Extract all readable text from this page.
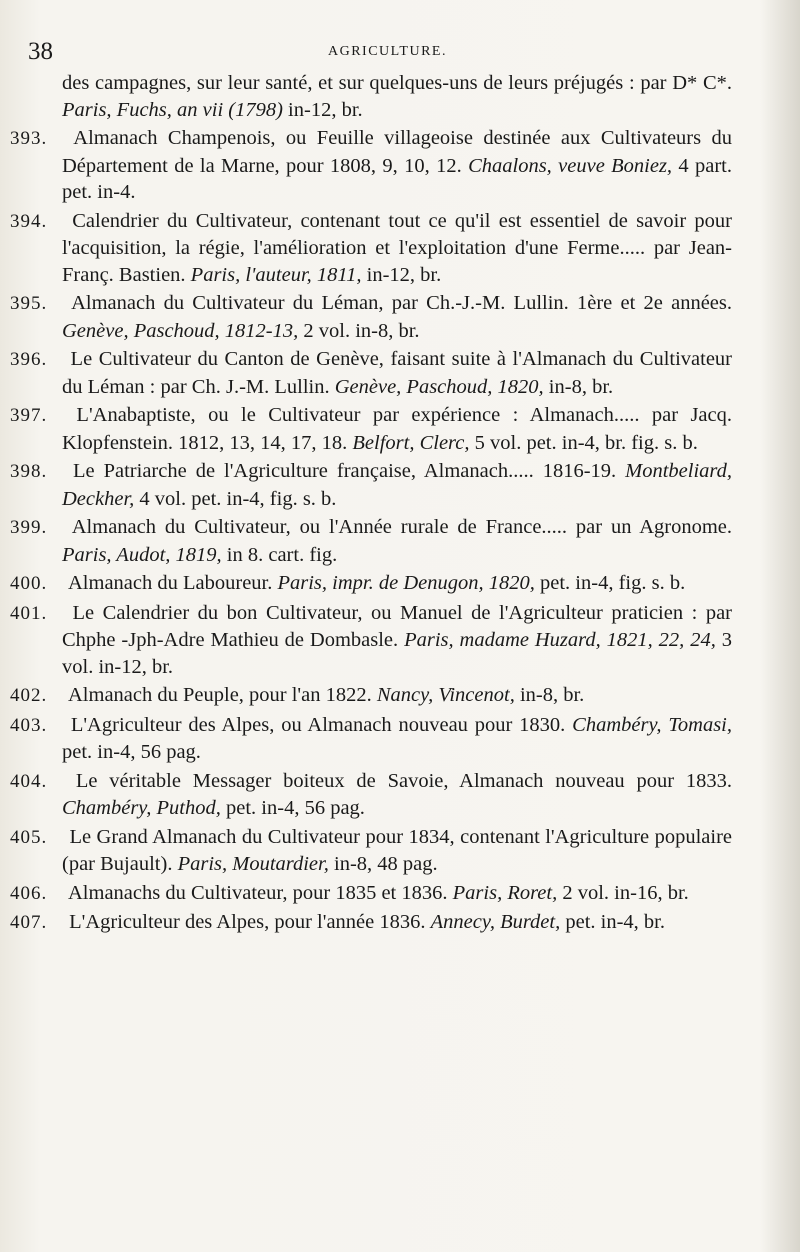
38	AGRICULTURE.
des campagnes, sur leur santé, et sur quelques-uns de leurs préjugés : par D* C*. Paris, Fuchs, an vii (1798) in-12, br.
393. Almanach Champenois, ou Feuille villageoise destinée aux Cultivateurs du Département de la Marne, pour 1808, 9, 10, 12. Chaalons, veuve Boniez, 4 part. pet. in-4.
394. Calendrier du Cultivateur, contenant tout ce qu'il est essentiel de savoir pour l'acquisition, la régie, l'amélioration et l'exploitation d'une Ferme..... par Jean-Franç. Bastien. Paris, l'auteur, 1811, in-12, br.
395. Almanach du Cultivateur du Léman, par Ch.-J.-M. Lullin. 1ère et 2e années. Genève, Paschoud, 1812-13, 2 vol. in-8, br.
396. Le Cultivateur du Canton de Genève, faisant suite à l'Almanach du Cultivateur du Léman : par Ch. J.-M. Lullin. Genève, Paschoud, 1820, in-8, br.
397. L'Anabaptiste, ou le Cultivateur par expérience : Almanach..... par Jacq. Klopfenstein. 1812, 13, 14, 17, 18. Belfort, Clerc, 5 vol. pet. in-4, br. fig. s. b.
398. Le Patriarche de l'Agriculture française, Almanach..... 1816-19. Montbeliard, Deckher, 4 vol. pet. in-4, fig. s. b.
399. Almanach du Cultivateur, ou l'Année rurale de France..... par un Agronome. Paris, Audot, 1819, in 8. cart. fig.
400. Almanach du Laboureur. Paris, impr. de Denugon, 1820, pet. in-4, fig. s. b.
401. Le Calendrier du bon Cultivateur, ou Manuel de l'Agriculteur praticien : par Chphe -Jph-Adre Mathieu de Dombasle. Paris, madame Huzard, 1821, 22, 24, 3 vol. in-12, br.
402. Almanach du Peuple, pour l'an 1822. Nancy, Vincenot, in-8, br.
403. L'Agriculteur des Alpes, ou Almanach nouveau pour 1830. Chambéry, Tomasi, pet. in-4, 56 pag.
404. Le véritable Messager boiteux de Savoie, Almanach nouveau pour 1833. Chambéry, Puthod, pet. in-4, 56 pag.
405. Le Grand Almanach du Cultivateur pour 1834, contenant l'Agriculture populaire (par Bujault). Paris, Moutardier, in-8, 48 pag.
406. Almanachs du Cultivateur, pour 1835 et 1836. Paris, Roret, 2 vol. in-16, br.
407. L'Agriculteur des Alpes, pour l'année 1836. Annecy, Burdet, pet. in-4, br.
